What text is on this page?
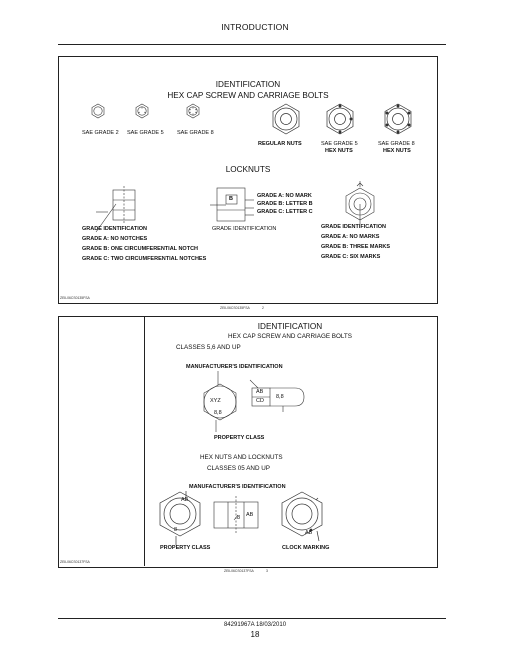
INTRODUCTION
IDENTIFICATION
HEX CAP SCREW AND CARRIAGE BOLTS
SAE GRADE 2 SAE GRADE 5 SAE GRADE 8
REGULAR NUTS	SAE GRADE 5
HEX NUTS
SAE GRADE 8
HEX NUTS
LOCKNUTS
GRADE IDENTIFICATION
GRADE A: NO NOTCHES
GRADE B: ONE CIRCUMFERENTIAL NOTCH
GRADE C: TWO CIRCUMFERENTIAL NOTCHES
GRADE IDENTIFICATION
B	GRADE A: NO MARK
GRADE B: LETTER B
GRADE C: LETTER C
GRADE IDENTIFICATION
GRADE A: NO MARKS
GRADE B: THREE MARKS
GRADE C: SIX MARKS
ZEIL06CS0135FSA
ZEIL06CS0135FSA	2
IDENTIFICATION
HEX CAP SCREW AND CARRIAGE BOLTS
CLASSES 5,6 AND UP
MANUFACTURER'S IDENTIFICATION
XYZ
8,8
AB
CD
8,8
PROPERTY CLASS
HEX NUTS AND LOCKNUTS
CLASSES 05 AND UP
MANUFACTURER'S IDENTIFICATION
AB
8
8 AB
AB
PROPERTY CLASS	CLOCK MARKING
ZEIL06CS0137FSA
ZEIL06CS0137FSA	3
84291967A 18/03/2010
18
